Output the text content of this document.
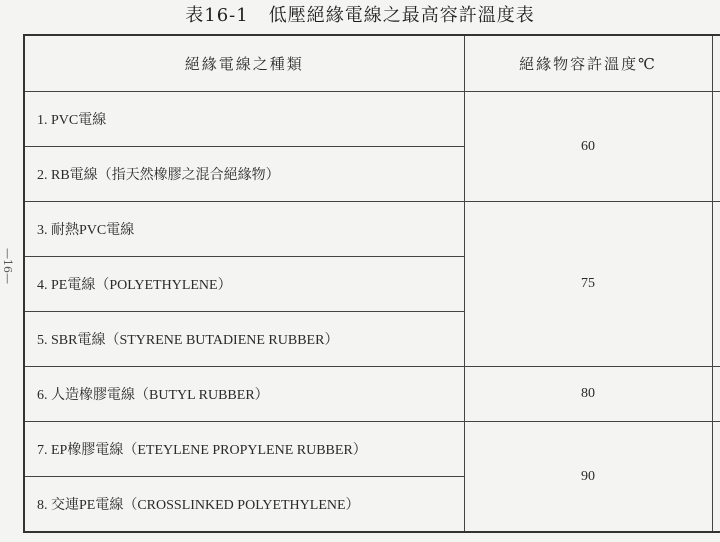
表16-1 低壓絕緣電線之最高容許溫度表
—16—
絕緣電線之種類	絕緣物容許溫度℃	
1. PVC電線	60	
2. RB電線（指天然橡膠之混合絕緣物）		
3. 耐熱PVC電線	75	
4. PE電線（POLYETHYLENE）		
5. SBR電線（STYRENE BUTADIENE RUBBER）		
6. 人造橡膠電線（BUTYL RUBBER）	80	
7. EP橡膠電線（ETEYLENE PROPYLENE RUBBER）	90	
8. 交連PE電線（CROSSLINKED POLYETHYLENE）		
